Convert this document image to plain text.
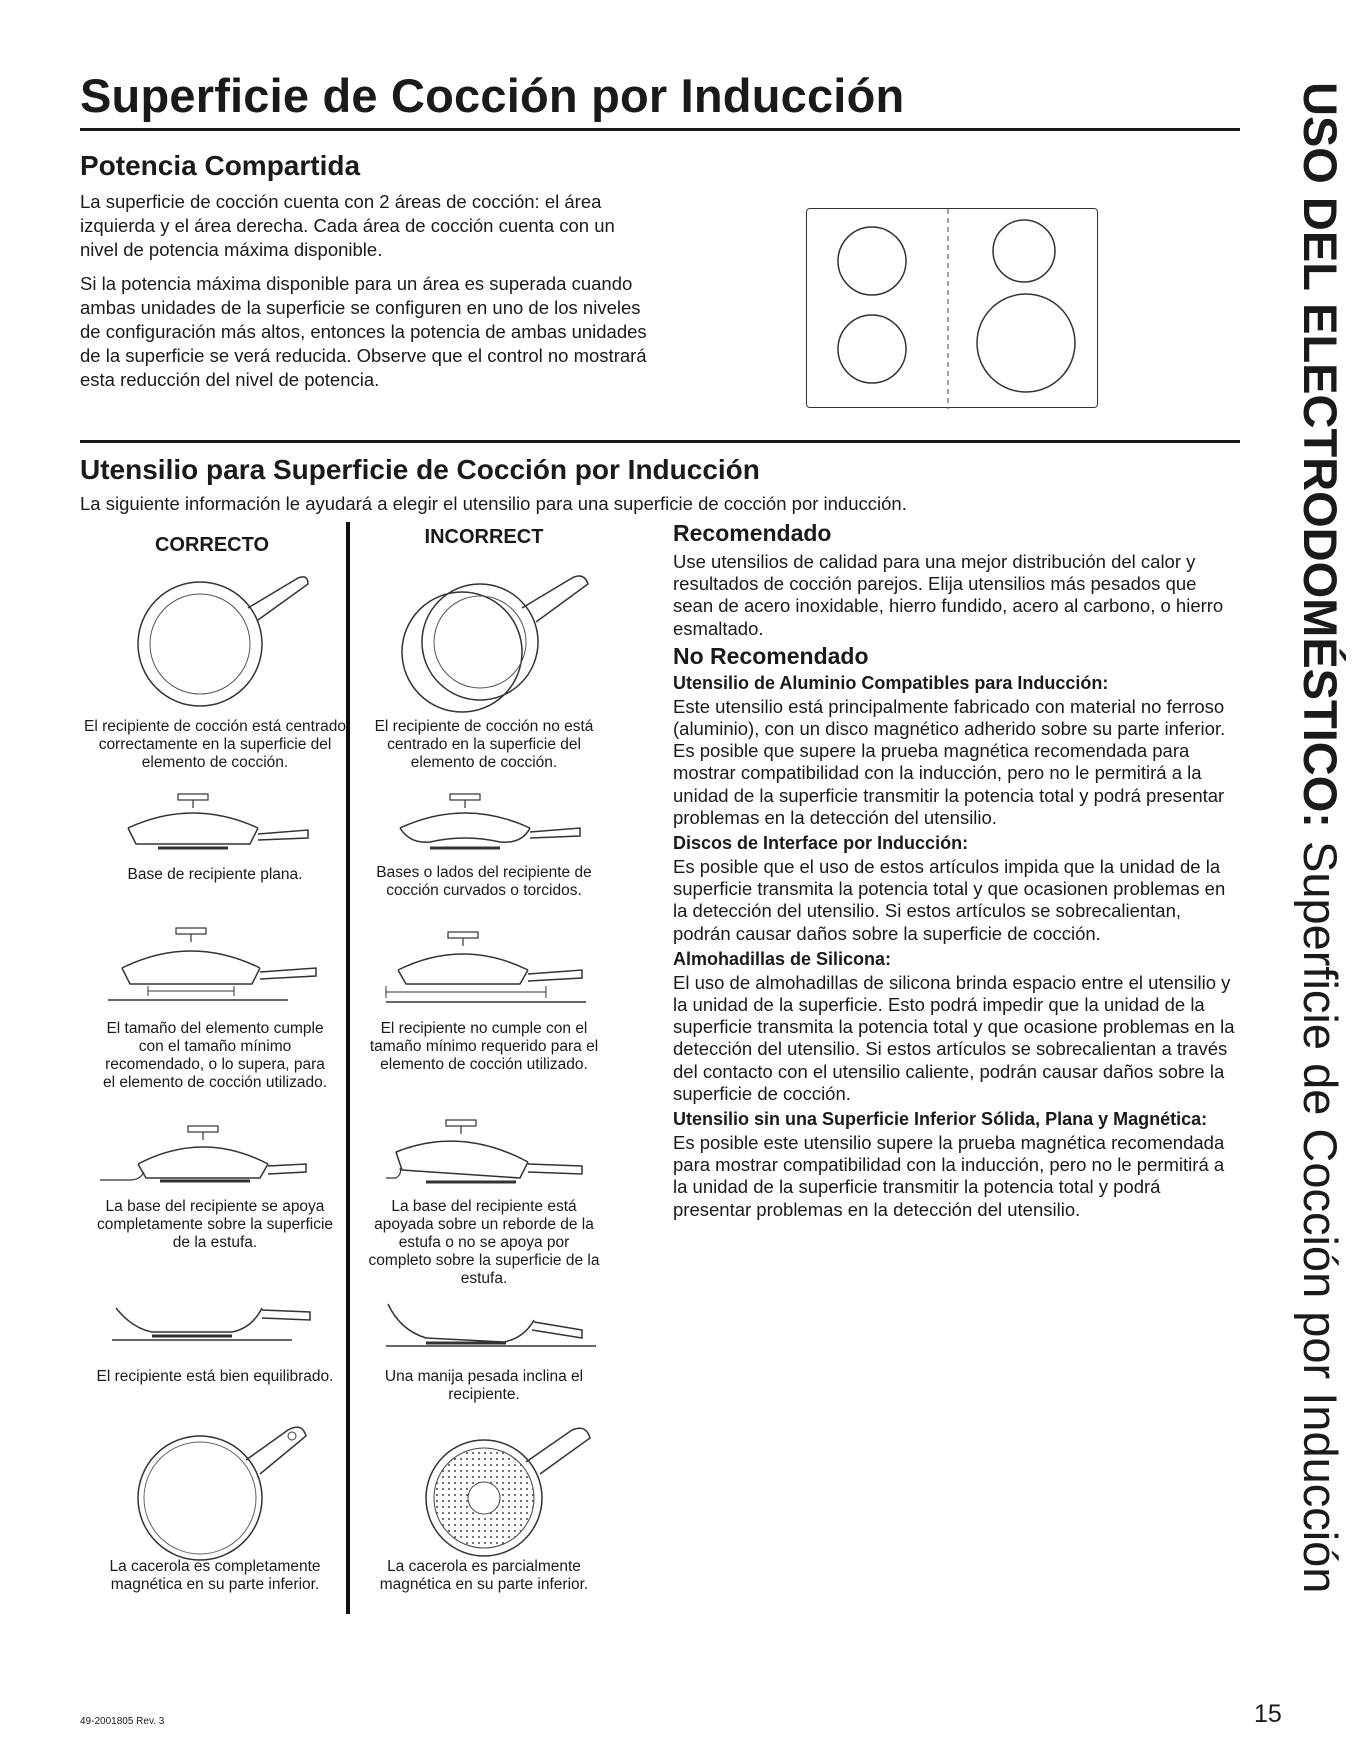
Superficie de Cocción por Inducción	USO DEL ELECTRODOMÉSTICO: Superficie de Cocción por Inducción
Potencia Compartida

La superficie de cocción cuenta con 2 áreas de cocción: el área izquierda y el área derecha. Cada área de cocción cuenta con un nivel de potencia máxima disponible.

Si la potencia máxima disponible para un área es superada cuando ambas unidades de la superficie se configuren en uno de los niveles de configuración más altos, entonces la potencia de ambas unidades de la superficie se verá reducida. Observe que el control no mostrará esta reducción del nivel de potencia.

Utensilio para Superficie de Cocción por Inducción

La siguiente información le ayudará a elegir el utensilio para una superficie de cocción por inducción.

CORRECTO	INCORRECT

El recipiente de cocción está centrado correctamente en la superficie del elemento de cocción.

Base de recipiente plana.

El tamaño del elemento cumple con el tamaño mínimo recomendado, o lo supera, para el elemento de cocción utilizado.

La base del recipiente se apoya completamente sobre la superficie de la estufa.

El recipiente está bien equilibrado.

La cacerola es completamente magnética en su parte inferior.

El recipiente de cocción no está centrado en la superficie del elemento de cocción.

Bases o lados del recipiente de cocción curvados o torcidos.

El recipiente no cumple con el tamaño mínimo requerido para el elemento de cocción utilizado.

La base del recipiente está apoyada sobre un reborde de la estufa o no se apoya por completo sobre la superficie de la estufa.

Una manija pesada inclina el recipiente.

La cacerola es parcialmente magnética en su parte inferior.

Recomendado

Use utensilios de calidad para una mejor distribución del calor y resultados de cocción parejos. Elija utensilios más pesados que sean de acero inoxidable, hierro fundido, acero al carbono, o hierro esmaltado.

No Recomendado

Utensilio de Aluminio Compatibles para Inducción:

Este utensilio está principalmente fabricado con material no ferroso (aluminio), con un disco magnético adherido sobre su parte inferior. Es posible que supere la prueba magnética recomendada para mostrar compatibilidad con la inducción, pero no le permitirá a la unidad de la superficie transmitir la potencia total y podrá presentar problemas en la detección del utensilio.

Discos de Interface por Inducción:

Es posible que el uso de estos artículos impida que la unidad de la superficie transmita la potencia total y que ocasionen problemas en la detección del utensilio. Si estos artículos se sobrecalientan, podrán causar daños sobre la superficie de cocción.

Almohadillas de Silicona:

El uso de almohadillas de silicona brinda espacio entre el utensilio y la unidad de la superficie. Esto podrá impedir que la unidad de la superficie transmita la potencia total y que ocasione problemas en la detección del utensilio. Si estos artículos se sobrecalientan a través del contacto con el utensilio caliente, podrán causar daños sobre la superficie de cocción.

Utensilio sin una Superficie Inferior Sólida, Plana y Magnética:

Es posible este utensilio supere la prueba magnética recomendada para mostrar compatibilidad con la inducción, pero no le permitirá a la unidad de la superficie transmitir la potencia total y podrá presentar problemas en la detección del utensilio.

49-2001805 Rev. 3	15
